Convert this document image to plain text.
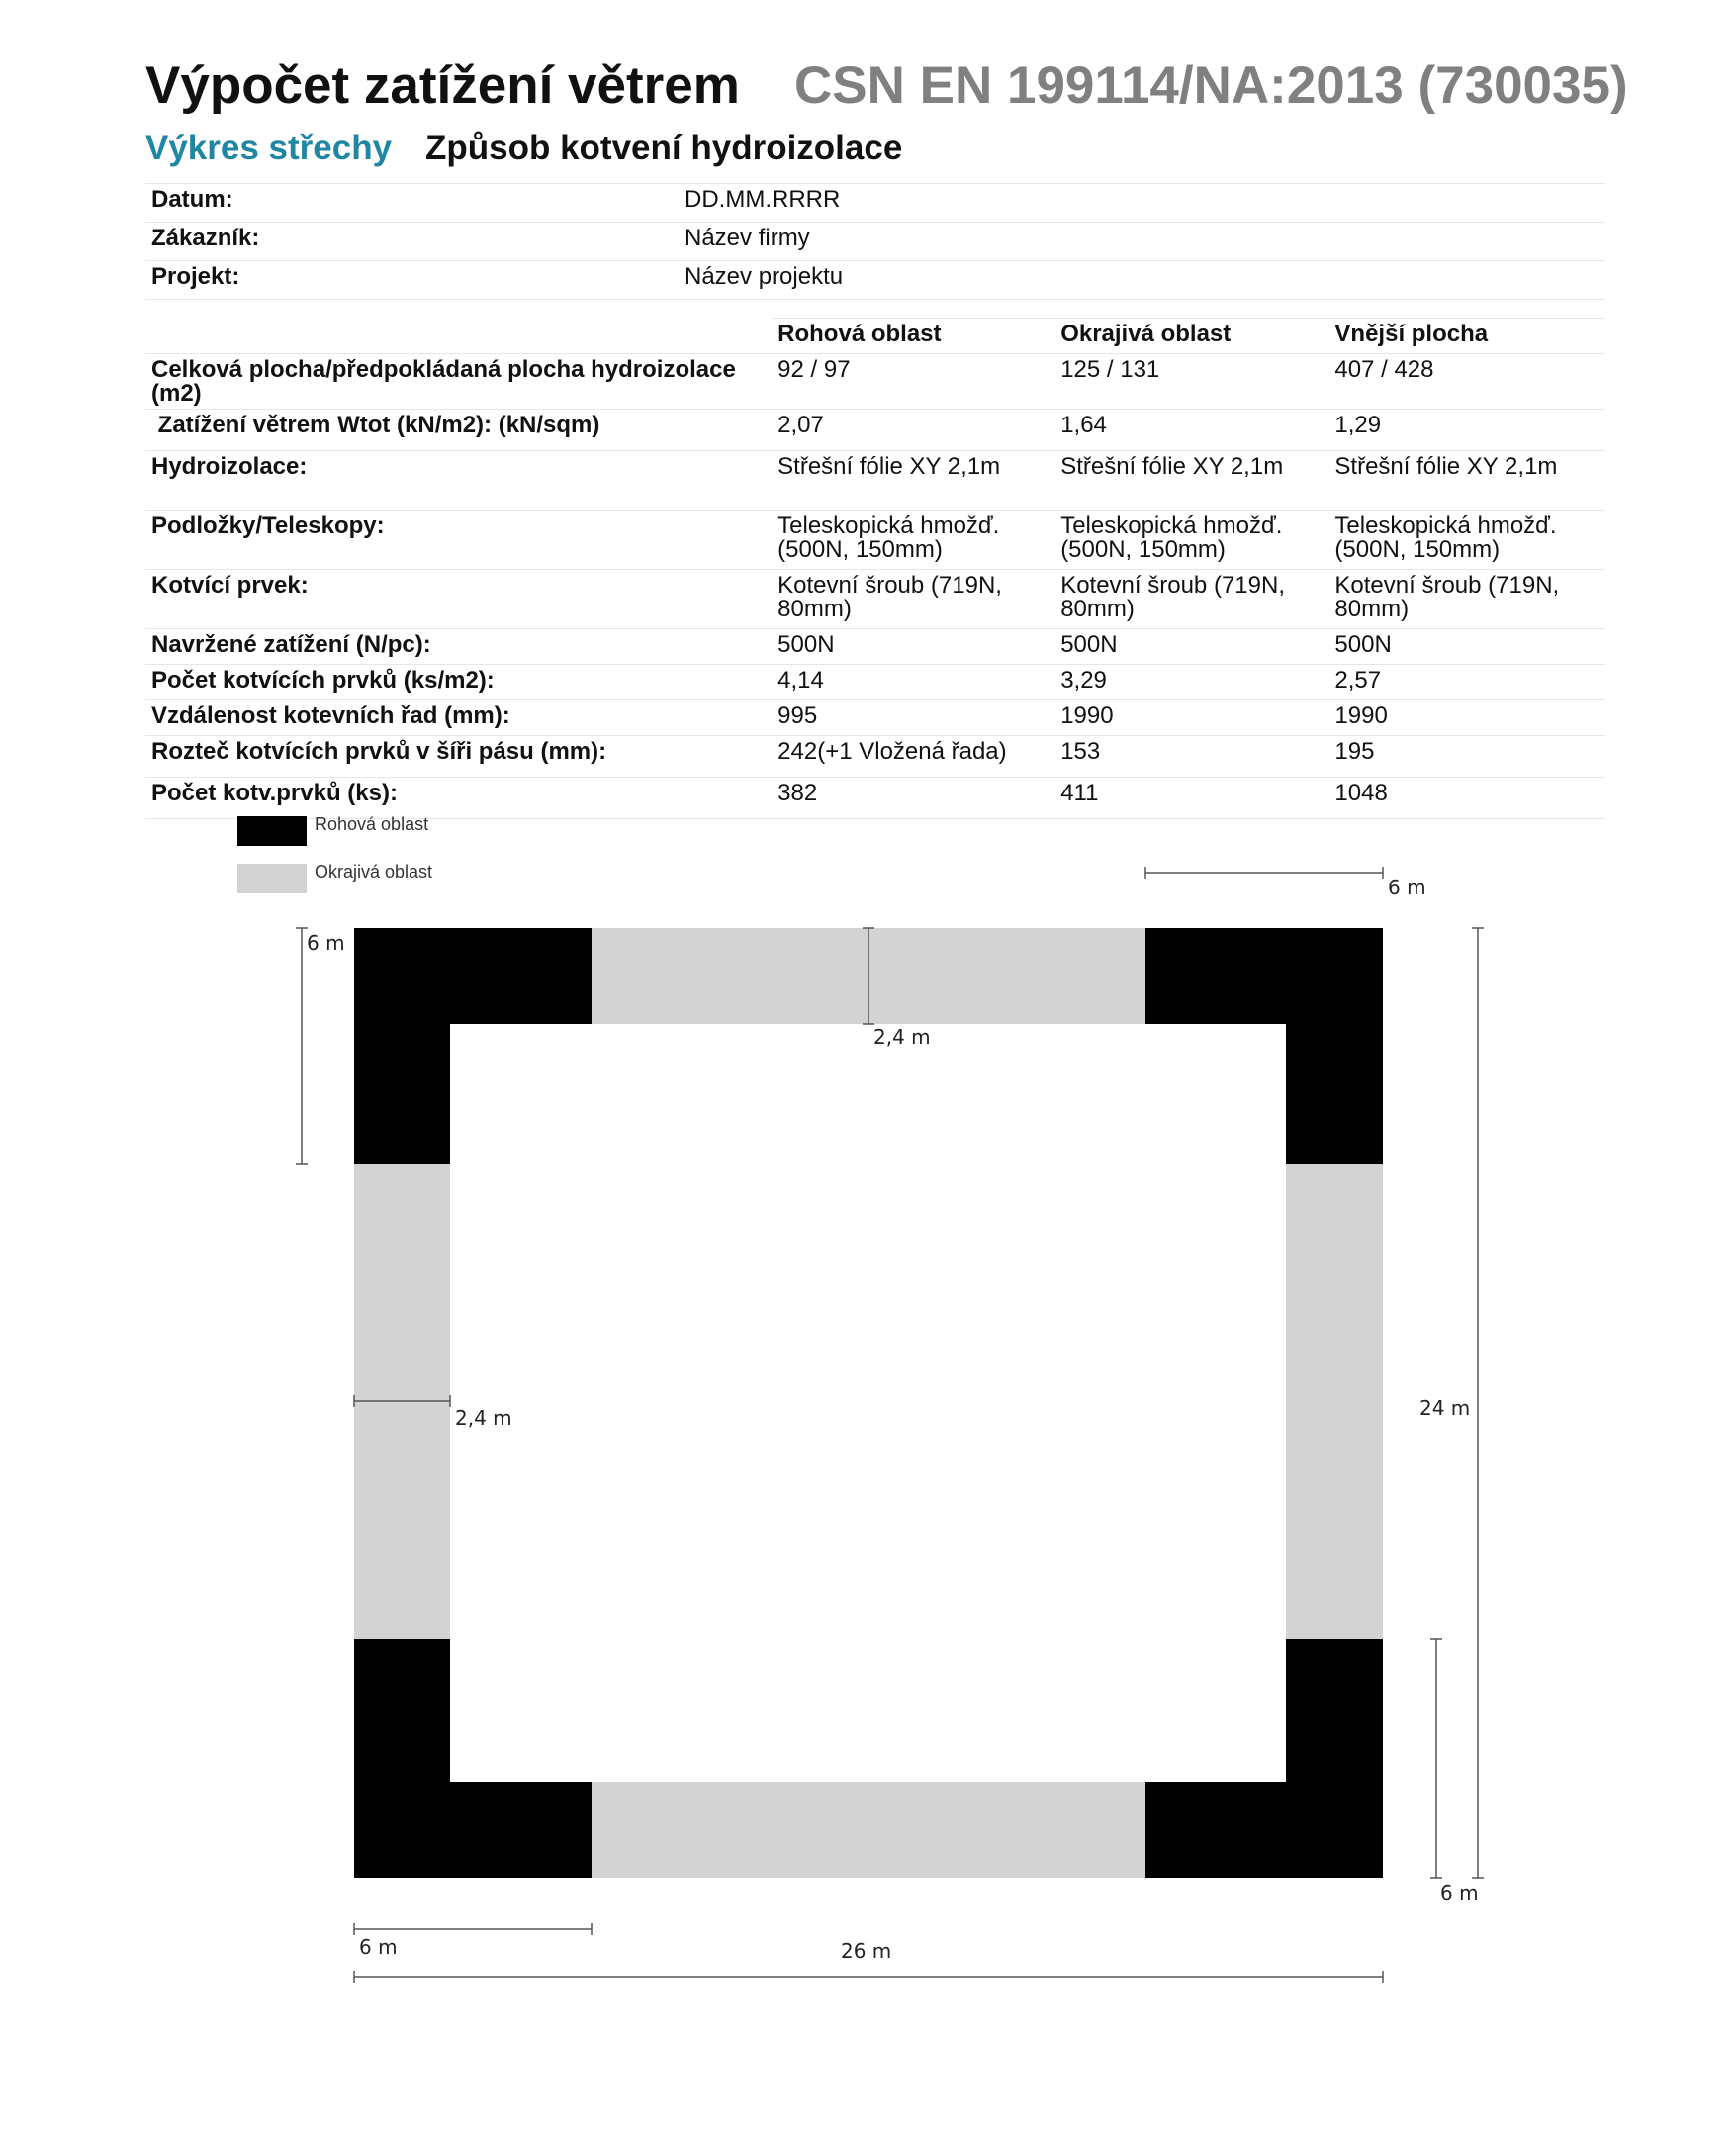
Výpočet zatížení větrem CSN EN 199114/NA:2013 (730035)
Výkres střechy Způsob kotvení hydroizolace
Datum:	DD.MM.RRRR
Zákazník:	Název firmy
Projekt:	Název projektu
	Rohová oblast	Okrajivá oblast	Vnější plocha
Celková plocha/předpokládaná plocha hydroizolace (m2)	92 / 97	125 / 131	407 / 428
Zatížení větrem Wtot (kN/m2): (kN/sqm)	2,07	1,64	1,29
Hydroizolace:	Střešní fólie XY 2,1m	Střešní fólie XY 2,1m	Střešní fólie XY 2,1m
Podložky/Teleskopy:	Teleskopická hmožď. (500N, 150mm)	Teleskopická hmožď. (500N, 150mm)	Teleskopická hmožď. (500N, 150mm)
Kotvící prvek:	Kotevní šroub (719N, 80mm)	Kotevní šroub (719N, 80mm)	Kotevní šroub (719N, 80mm)
Navržené zatížení (N/pc):	500N	500N	500N
Počet kotvících prvků (ks/m2):	4,14	3,29	2,57
Vzdálenost kotevních řad (mm):	995	1990	1990
Rozteč kotvících prvků v šíři pásu (mm):	242(+1 Vložená řada)	153	195
Počet kotv.prvků (ks):	382	411	1048
Rohová oblast
Okrajivá oblast
6 m
6 m
2,4 m
2,4 m	24 m
6 m
6 m	26 m
